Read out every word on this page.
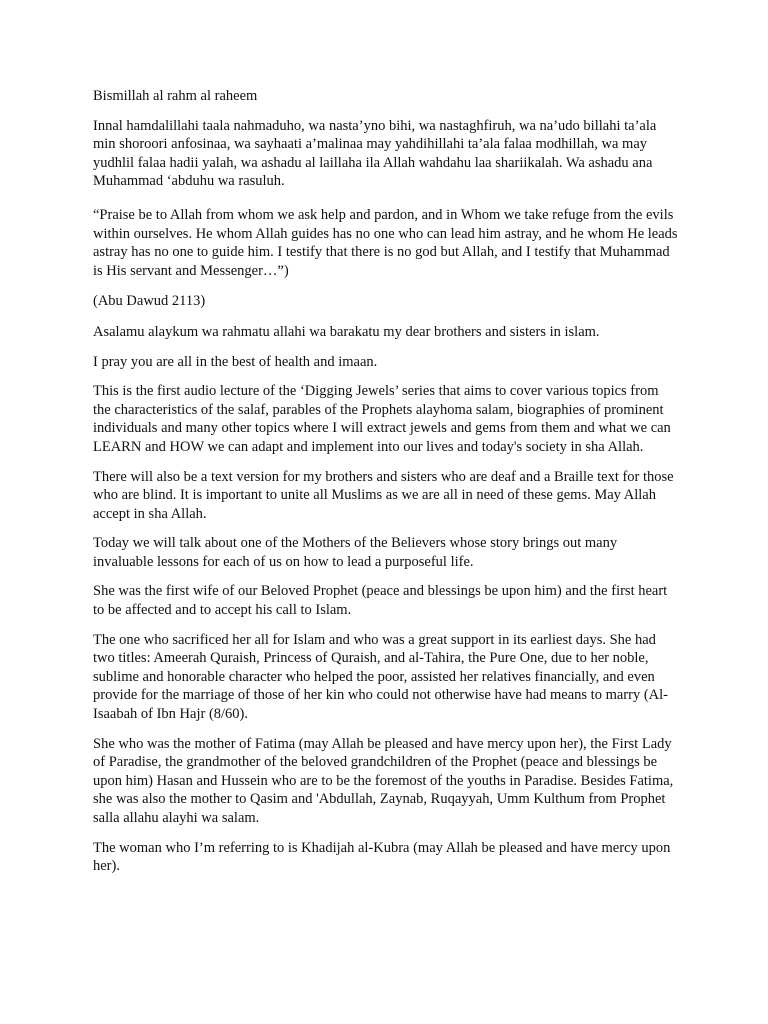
Bismillah al rahm al raheem

Innal hamdalillahi taala nahmaduho, wa nasta’yno bihi, wa nastaghfiruh, wa na’udo billahi ta’ala min shoroori anfosinaa, wa sayhaati a’malinaa may yahdihillahi ta’ala falaa modhillah, wa may yudhlil falaa hadii yalah, wa ashadu al laillaha ila Allah wahdahu laa shariikalah. Wa ashadu ana Muhammad ‘abduhu wa rasuluh.

“Praise be to Allah from whom we ask help and pardon, and in Whom we take refuge from the evils within ourselves. He whom Allah guides has no one who can lead him astray, and he whom He leads astray has no one to guide him. I testify that there is no god but Allah, and I testify that Muhammad is His servant and Messenger…”)

(Abu Dawud 2113)

Asalamu alaykum wa rahmatu allahi wa barakatu my dear brothers and sisters in islam.

I pray you are all in the best of health and imaan.

This is the first audio lecture of the ‘Digging Jewels’ series that aims to cover various topics from the characteristics of the salaf, parables of the Prophets alayhoma salam, biographies of prominent individuals and many other topics where I will extract jewels and gems from them and what we can LEARN and HOW we can adapt and implement into our lives and today's society in sha Allah.

There will also be a text version for my brothers and sisters who are deaf and a Braille text for those who are blind. It is important to unite all Muslims as we are all in need of these gems. May Allah accept in sha Allah.

Today we will talk about one of the Mothers of the Believers whose story brings out many invaluable lessons for each of us on how to lead a purposeful life.

She was the first wife of our Beloved Prophet (peace and blessings be upon him) and the first heart to be affected and to accept his call to Islam.

The one who sacrificed her all for Islam and who was a great support in its earliest days. She had two titles: Ameerah Quraish, Princess of Quraish, and al-Tahira, the Pure One, due to her noble, sublime and honorable character who helped the poor, assisted her relatives financially, and even provide for the marriage of those of her kin who could not otherwise have had means to marry (Al-Isaabah of Ibn Hajr (8/60).

She who was the mother of Fatima (may Allah be pleased and have mercy upon her), the First Lady of Paradise, the grandmother of the beloved grandchildren of the Prophet (peace and blessings be upon him) Hasan and Hussein who are to be the foremost of the youths in Paradise. Besides Fatima, she was also the mother to Qasim and 'Abdullah, Zaynab, Ruqayyah, Umm Kulthum from Prophet salla allahu alayhi wa salam.

The woman who I’m referring to is Khadijah al-Kubra (may Allah be pleased and have mercy upon her).
